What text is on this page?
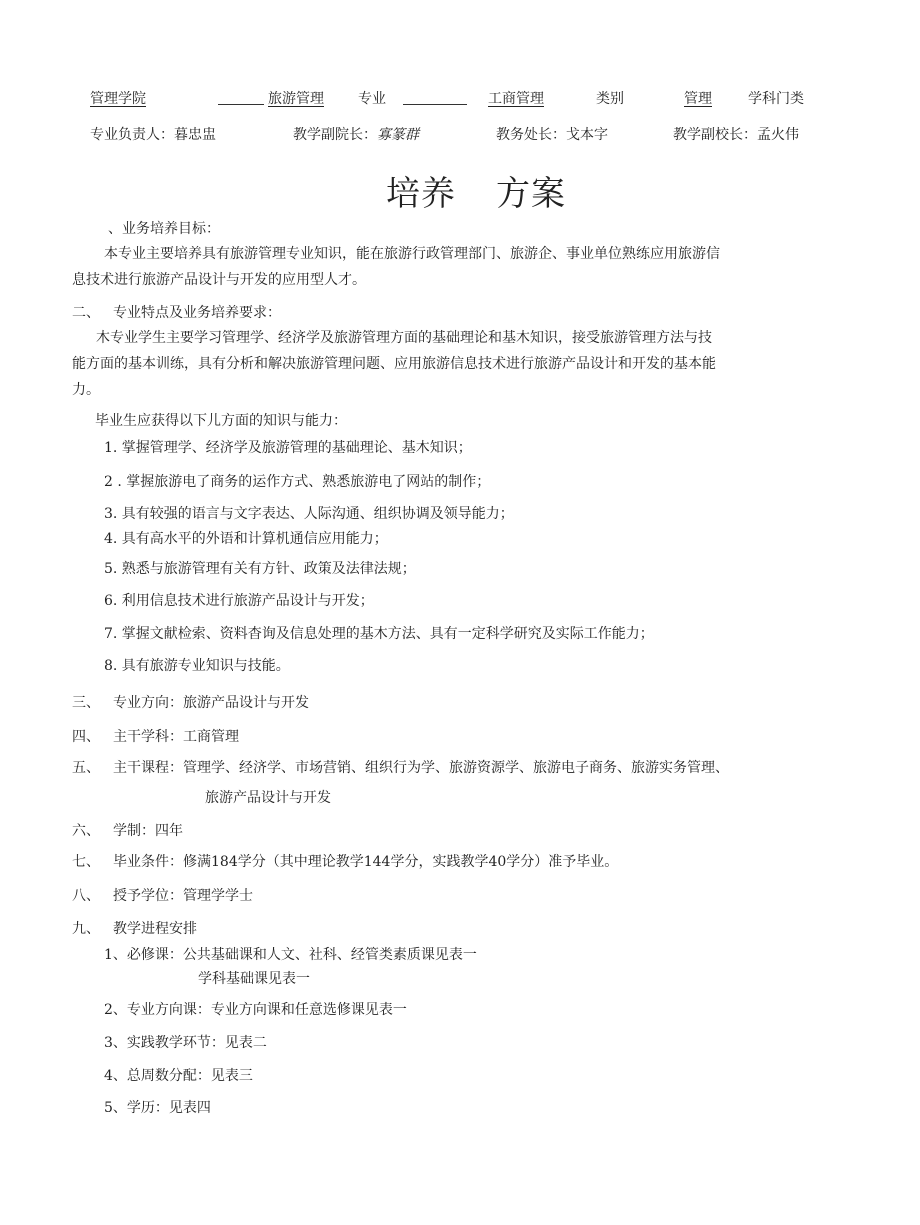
管理学院	旅游管理 专业	工商管理	类别	管理	学科门类
专业负责人：暮忠盅	教学副院长：寡篆群	教务处长：戈本字	教学副校长：孟火伟
培养 方案
、业务培养目标：
本专业主要培养具有旅游管理专业知识，能在旅游行政管理部门、旅游企、事业单位熟练应用旅游信
息技术进行旅游产品设计与开发的应用型人才。
二、 专业特点及业务培养要求：
木专业学生主要学习管理学、经济学及旅游管理方面的基础理论和基木知识，接受旅游管理方法与技
能方面的基本训练，具有分析和解决旅游管理问题、应用旅游信息技术进行旅游产品设计和开发的基本能
力。
毕业生应获得以下儿方面的知识与能力：
1. 掌握管理学、经济学及旅游管理的基础理论、基木知识；
2 . 掌握旅游电了商务的运作方式、熟悉旅游电了网站的制作；
3. 具有较强的语言与文字表达、人际沟通、组织协调及领导能力；
4. 具有高水平的外语和计算机通信应用能力；
5. 熟悉与旅游管理有关有方针、政策及法律法规；
6. 利用信息技术进行旅游产品设计与开发；
7. 掌握文献检索、资料杳询及信息处理的基木方法、具有一定科学研究及实际工作能力；
8. 具有旅游专业知识与技能。
三、 专业方向：旅游产品设计与开发
四、 主干学科：工商管理
五、 主干课程：管理学、经济学、市场营销、组织行为学、旅游资源学、旅游电子商务、旅游实务管理、
旅游产品设计与开发
六、 学制：四年
七、 毕业条件：修满184学分（其中理论教学144学分，实践教学40学分）准予毕业。
八、 授予学位：管理学学士
九、 教学进程安排
1、必修课：公共基础课和人文、社科、经管类素质课见表一
学科基础课见表一
2、专业方向课：专业方向课和任意选修课见表一
3、实践教学环节：见表二
4、总周数分配：见表三
5、学历：见表四
